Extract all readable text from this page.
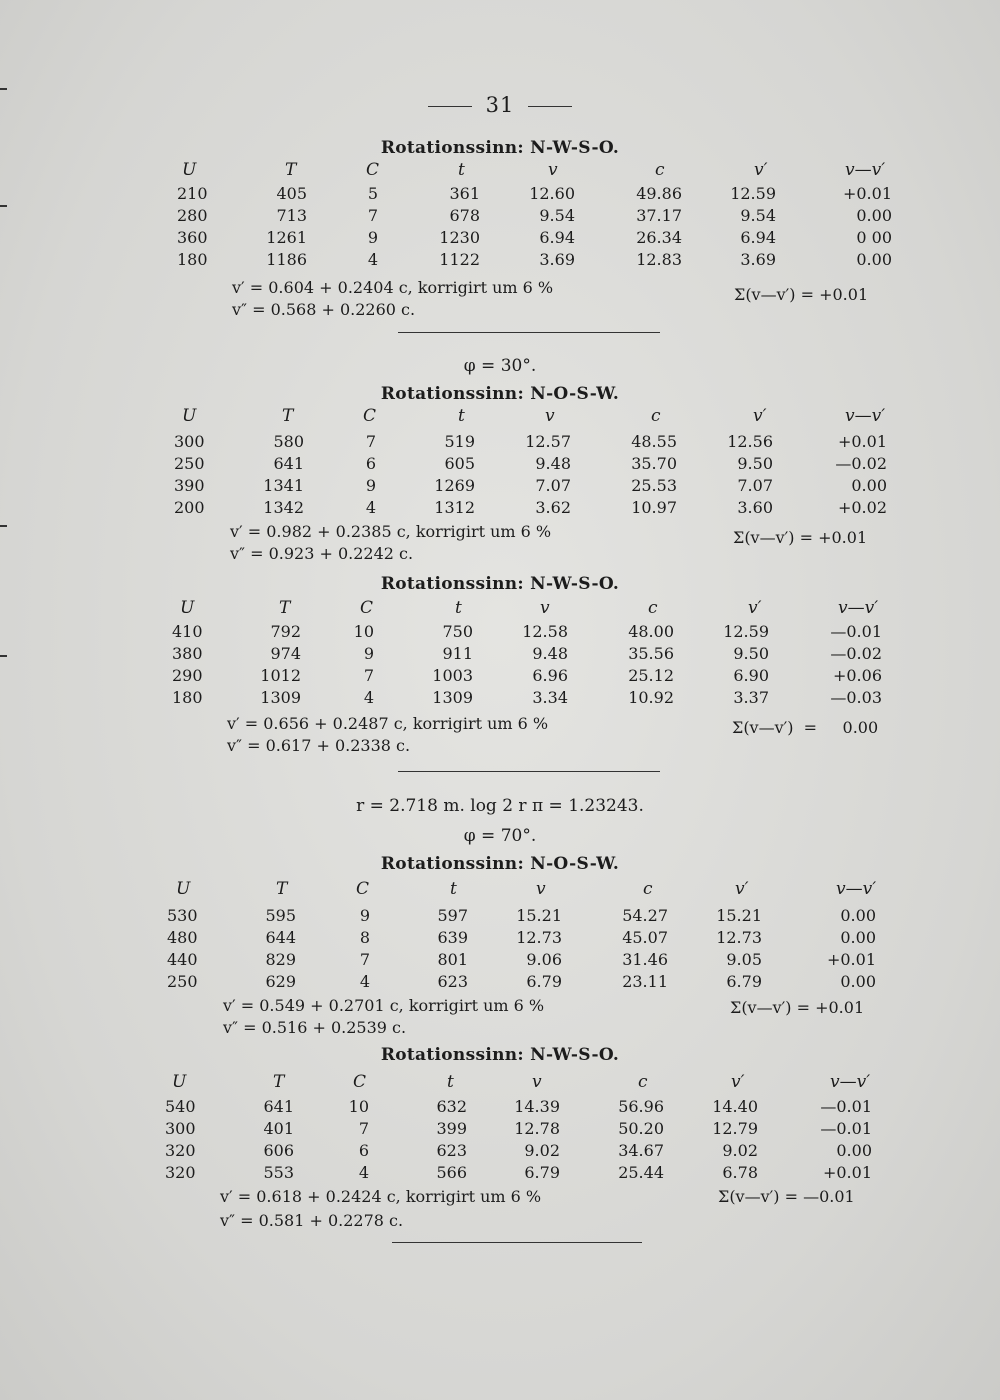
31
Rotationssinn: N-W-S-O.
U	T	C	t	v	c	v′	v—v′
210	405	5	361	12.60	49.86	12.59	+0.01
280	713	7	678	9.54	37.17	9.54	0.00
360	1261	9	1230	6.94	26.34	6.94	0 00
180	1186	4	1122	3.69	12.83	3.69	0.00
v′ = 0.604 + 0.2404 c, korrigirt um 6 %	Σ(v—v′) = +0.01
v″ = 0.568 + 0.2260 c.
φ = 30°.
Rotationssinn: N-O-S-W.
U	T	C	t	v	c	v′	v—v′
300	580	7	519	12.57	48.55	12.56	+0.01
250	641	6	605	9.48	35.70	9.50	—0.02
390	1341	9	1269	7.07	25.53	7.07	0.00
200	1342	4	1312	3.62	10.97	3.60	+0.02
v′ = 0.982 + 0.2385 c, korrigirt um 6 %	Σ(v—v′) = +0.01
v″ = 0.923 + 0.2242 c.
Rotationssinn: N-W-S-O.
U	T	C	t	v	c	v′	v—v′
410	792	10	750	12.58	48.00	12.59	—0.01
380	974	9	911	9.48	35.56	9.50	—0.02
290	1012	7	1003	6.96	25.12	6.90	+0.06
180	1309	4	1309	3.34	10.92	3.37	—0.03
v′ = 0.656 + 0.2487 c, korrigirt um 6 %	Σ(v—v′)  =     0.00
v″ = 0.617 + 0.2338 c.
r = 2.718 m. log 2 r π = 1.23243.
φ = 70°.
Rotationssinn: N-O-S-W.
U	T	C	t	v	c	v′	v—v′
530	595	9	597	15.21	54.27	15.21	0.00
480	644	8	639	12.73	45.07	12.73	0.00
440	829	7	801	9.06	31.46	9.05	+0.01
250	629	4	623	6.79	23.11	6.79	0.00
v′ = 0.549 + 0.2701 c, korrigirt um 6 %	Σ(v—v′) = +0.01
v″ = 0.516 + 0.2539 c.
Rotationssinn: N-W-S-O.
U	T	C	t	v	c	v′	v—v′
540	641	10	632	14.39	56.96	14.40	—0.01
300	401	7	399	12.78	50.20	12.79	—0.01
320	606	6	623	9.02	34.67	9.02	0.00
320	553	4	566	6.79	25.44	6.78	+0.01
v′ = 0.618 + 0.2424 c, korrigirt um 6 %	Σ(v—v′) = —0.01
v″ = 0.581 + 0.2278 c.
